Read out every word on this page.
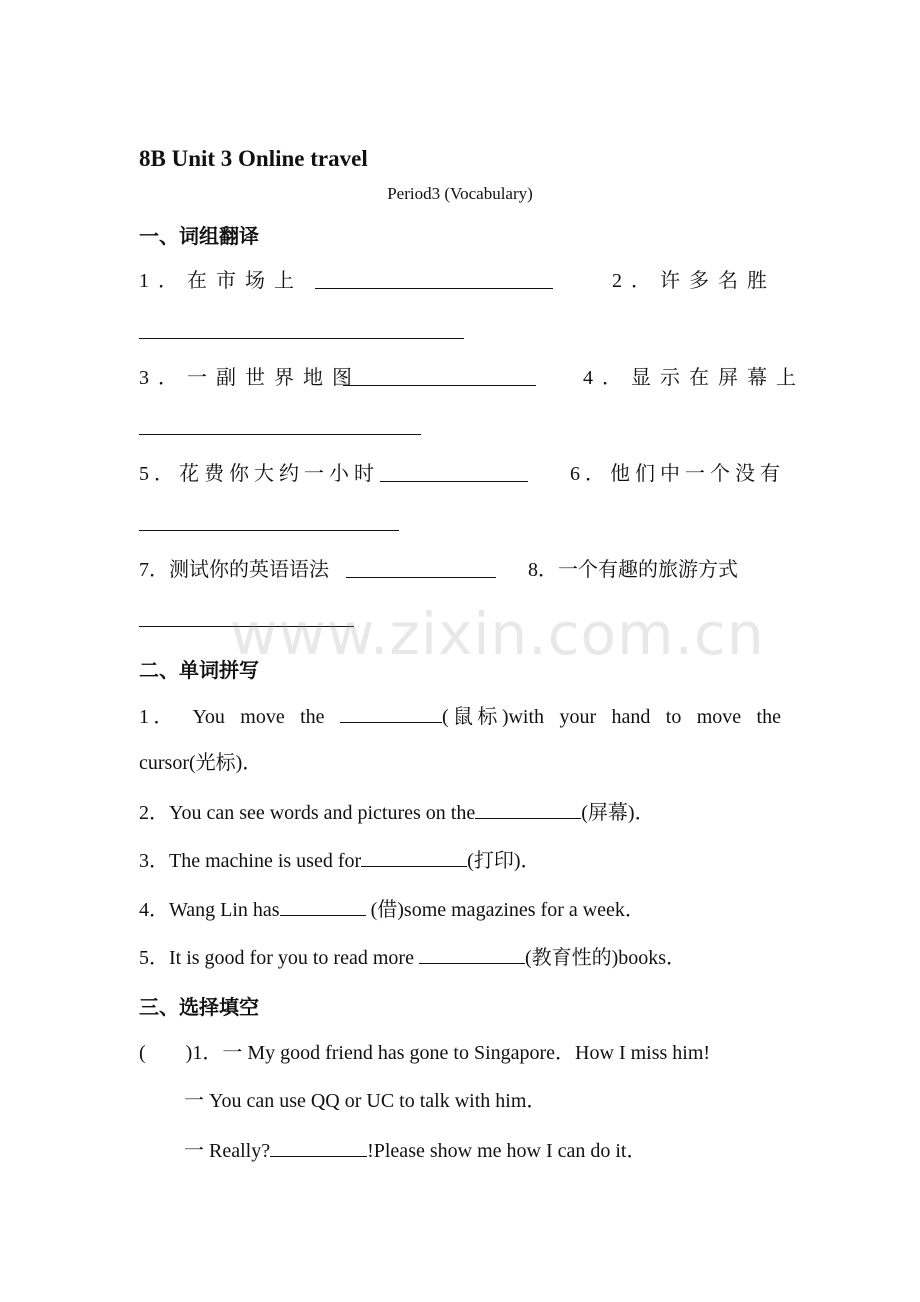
8B Unit 3 Online travel
Period3 (Vocabulary)
一、词组翻译
1．在市场上	2．许多名胜
3．一副世界地图	4．显示在屏幕上
5．花费你大约一小时	6．他们中一个没有
7．测试你的英语语法	8．一个有趣的旅游方式
二、单词拼写
1． You move the	(鼠标)with your hand to move the
cursor(光标)．
2．You can see words and pictures on the	(屏幕)．
3．The machine is used for	(打印)．
4．Wang Lin has	(借)some magazines for a week．
5．It is good for you to read more	(教育性的)books．
三、选择填空
(        )1．一 My good friend has gone to Singapore．How I miss him!
一 You can use QQ or UC to talk with him．
一 Really?	!Please show me how I can do it．
www.zixin.com.cn
